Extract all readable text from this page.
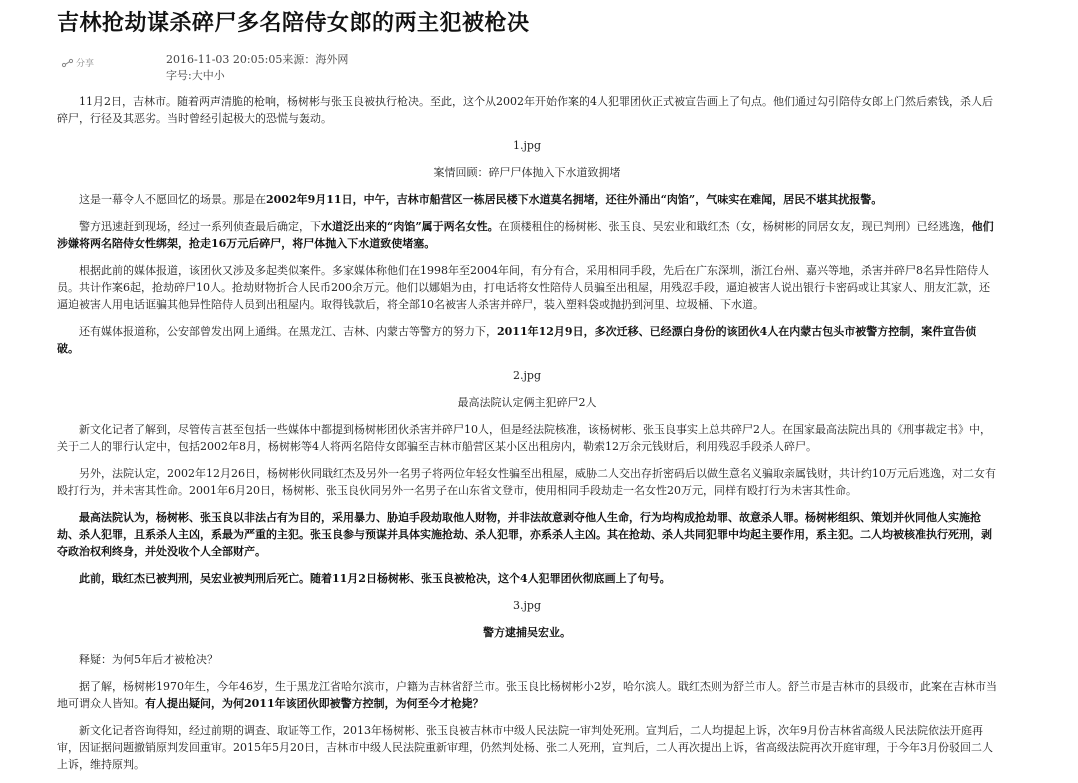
吉林抢劫谋杀碎尸多名陪侍女郎的两主犯被枪决
分享	2016-11-03 20:05:05来源：海外网
字号:大中小

11月2日，吉林市。随着两声清脆的枪响，杨树彬与张玉良被执行枪决。至此，这个从2002年开始作案的4人犯罪团伙正式被宣告画上了句点。他们通过勾引陪侍女郎上门然后索钱，杀人后碎尸，行径及其恶劣。当时曾经引起极大的恐慌与轰动。

1.jpg

案情回顾：碎尸尸体抛入下水道致拥堵

这是一幕令人不愿回忆的场景。那是在2002年9月11日，中午，吉林市船营区一栋居民楼下水道莫名拥堵，还往外涌出“肉馅”，气味实在难闻，居民不堪其扰报警。

警方迅速赶到现场，经过一系列侦查最后确定，下水道泛出来的“肉馅”属于两名女性。在顶楼租住的杨树彬、张玉良、吴宏业和戢红杰（女，杨树彬的同居女友，现已判刑）已经逃逸，他们涉嫌将两名陪侍女性绑架，抢走16万元后碎尸，将尸体抛入下水道致使堵塞。

根据此前的媒体报道，该团伙又涉及多起类似案件。多家媒体称他们在1998年至2004年间，有分有合，采用相同手段，先后在广东深圳，浙江台州、嘉兴等地，杀害并碎尸8名异性陪侍人员。共计作案6起，抢劫碎尸10人。抢劫财物折合人民币200余万元。他们以娜娼为由，打电话将女性陪侍人员骗至出租屋，用残忍手段，逼迫被害人说出银行卡密码或让其家人、朋友汇款，还逼迫被害人用电话诓骗其他异性陪侍人员到出租屋内。取得钱款后，将全部10名被害人杀害并碎尸，装入塑料袋或抛扔到河里、垃圾桶、下水道。

还有媒体报道称，公安部曾发出网上通缉。在黑龙江、吉林、内蒙古等警方的努力下，2011年12月9日，多次迁移、已经漂白身份的该团伙4人在内蒙古包头市被警方控制，案件宣告侦破。

2.jpg

最高法院认定俩主犯碎尸2人

新文化记者了解到，尽管传言甚至包括一些媒体中都提到杨树彬团伙杀害并碎尸10人，但是经法院核准，该杨树彬、张玉良事实上总共碎尸2人。在国家最高法院出具的《刑事裁定书》中，关于二人的罪行认定中，包括2002年8月，杨树彬等4人将两名陪侍女郎骗至吉林市船营区某小区出租房内，勒索12万余元钱财后，利用残忍手段杀人碎尸。

另外，法院认定，2002年12月26日，杨树彬伙同戢红杰及另外一名男子将两位年轻女性骗至出租屋，威胁二人交出存折密码后以做生意名义骗取亲属钱财，共计约10万元后逃逸，对二女有殴打行为，并未害其性命。2001年6月20日，杨树彬、张玉良伙同另外一名男子在山东省文登市，使用相同手段劫走一名女性20万元，同样有殴打行为未害其性命。

最高法院认为，杨树彬、张玉良以非法占有为目的，采用暴力、胁迫手段劫取他人财物，并非法故意剥夺他人生命，行为均构成抢劫罪、故意杀人罪。杨树彬组织、策划并伙同他人实施抢劫、杀人犯罪，且系杀人主凶，系最为严重的主犯。张玉良参与预谋并具体实施抢劫、杀人犯罪，亦系杀人主凶。其在抢劫、杀人共同犯罪中均起主要作用，系主犯。二人均被核准执行死刑，剥夺政治权利终身，并处没收个人全部财产。

此前，戢红杰已被判刑，吴宏业被判刑后死亡。随着11月2日杨树彬、张玉良被枪决，这个4人犯罪团伙彻底画上了句号。

3.jpg

警方逮捕吴宏业。

释疑：为何5年后才被枪决？

据了解，杨树彬1970年生，今年46岁，生于黑龙江省哈尔滨市，户籍为吉林省舒兰市。张玉良比杨树彬小2岁，哈尔滨人。戢红杰则为舒兰市人。舒兰市是吉林市的县级市，此案在吉林市当地可谓众人皆知。有人提出疑问，为何2011年该团伙即被警方控制，为何至今才枪毙？

新文化记者咨询得知，经过前期的调查、取证等工作，2013年杨树彬、张玉良被吉林市中级人民法院一审判处死刑。宣判后，二人均提起上诉，次年9月份吉林省高级人民法院依法开庭再审，因证据问题撤销原判发回重审。2015年5月20日，吉林市中级人民法院重新审理，仍然判处杨、张二人死刑，宣判后，二人再次提出上诉，省高级法院再次开庭审理，于今年3月份驳回二人上诉，维持原判。
